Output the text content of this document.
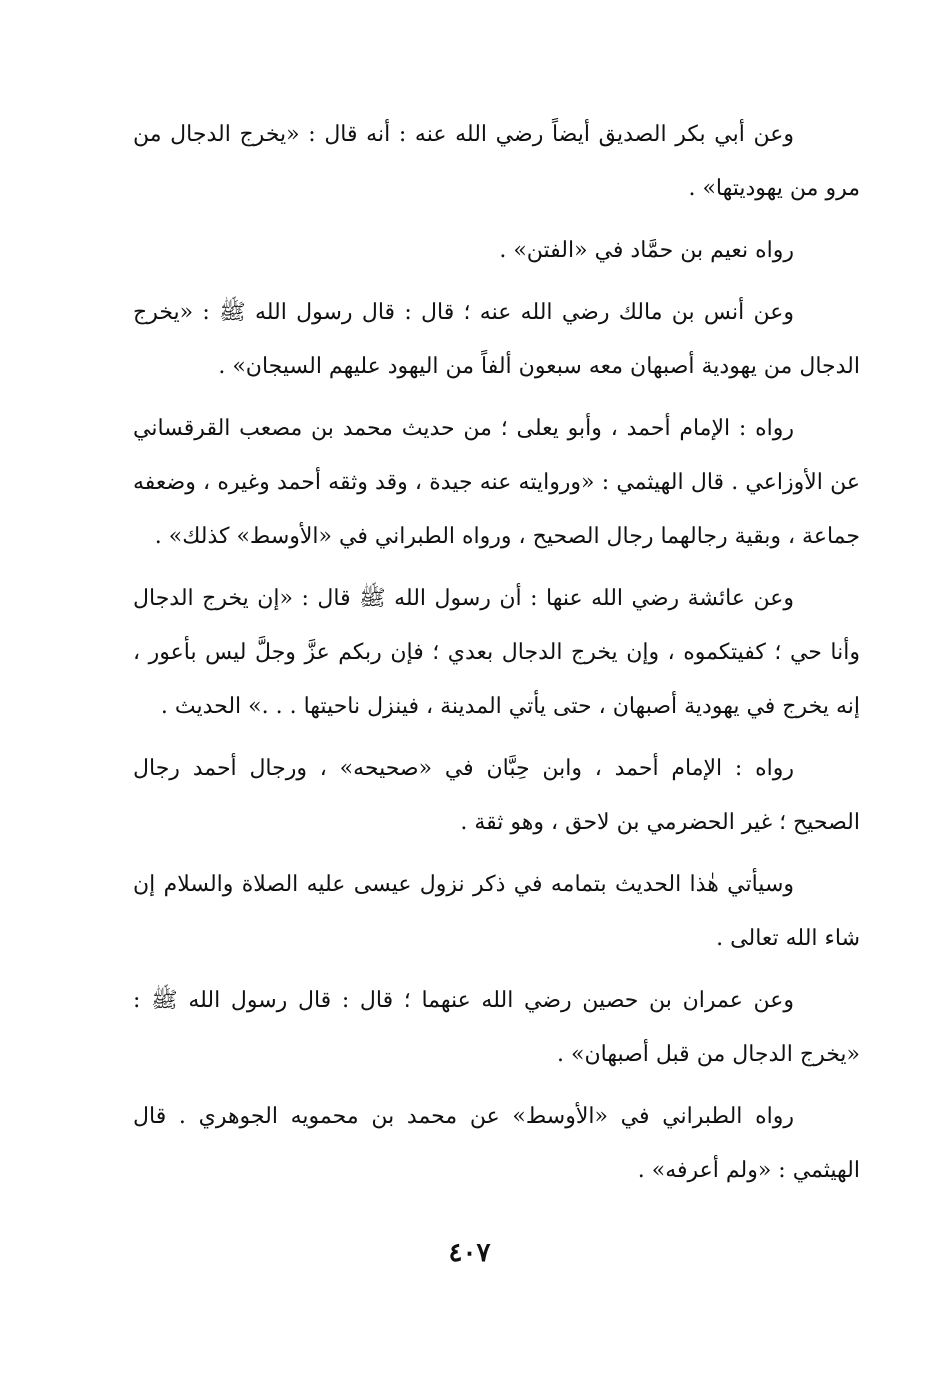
وعن أبي بكر الصديق أيضاً رضي الله عنه : أنه قال : «يخرج الدجال من مرو من يهوديتها» .

رواه نعيم بن حمَّاد في «الفتن» .

وعن أنس بن مالك رضي الله عنه ؛ قال : قال رسول الله ﷺ : «يخرج الدجال من يهودية أصبهان معه سبعون ألفاً من اليهود عليهم السيجان» .

رواه : الإمام أحمد ، وأبو يعلى ؛ من حديث محمد بن مصعب القرقساني عن الأوزاعي . قال الهيثمي : «وروايته عنه جيدة ، وقد وثقه أحمد وغيره ، وضعفه جماعة ، وبقية رجالهما رجال الصحيح ، ورواه الطبراني في «الأوسط» كذلك» .

وعن عائشة رضي الله عنها : أن رسول الله ﷺ قال : «إن يخرج الدجال وأنا حي ؛ كفيتكموه ، وإن يخرج الدجال بعدي ؛ فإن ربكم عزَّ وجلَّ ليس بأعور ، إنه يخرج في يهودية أصبهان ، حتى يأتي المدينة ، فينزل ناحيتها . . .» الحديث .

رواه : الإمام أحمد ، وابن حِبَّان في «صحيحه» ، ورجال أحمد رجال الصحيح ؛ غير الحضرمي بن لاحق ، وهو ثقة .

وسيأتي هٰذا الحديث بتمامه في ذكر نزول عيسى عليه الصلاة والسلام إن شاء الله تعالى .

وعن عمران بن حصين رضي الله عنهما ؛ قال : قال رسول الله ﷺ : «يخرج الدجال من قبل أصبهان» .

رواه الطبراني في «الأوسط» عن محمد بن محمويه الجوهري . قال الهيثمي : «ولم أعرفه» .

٤٠٧
